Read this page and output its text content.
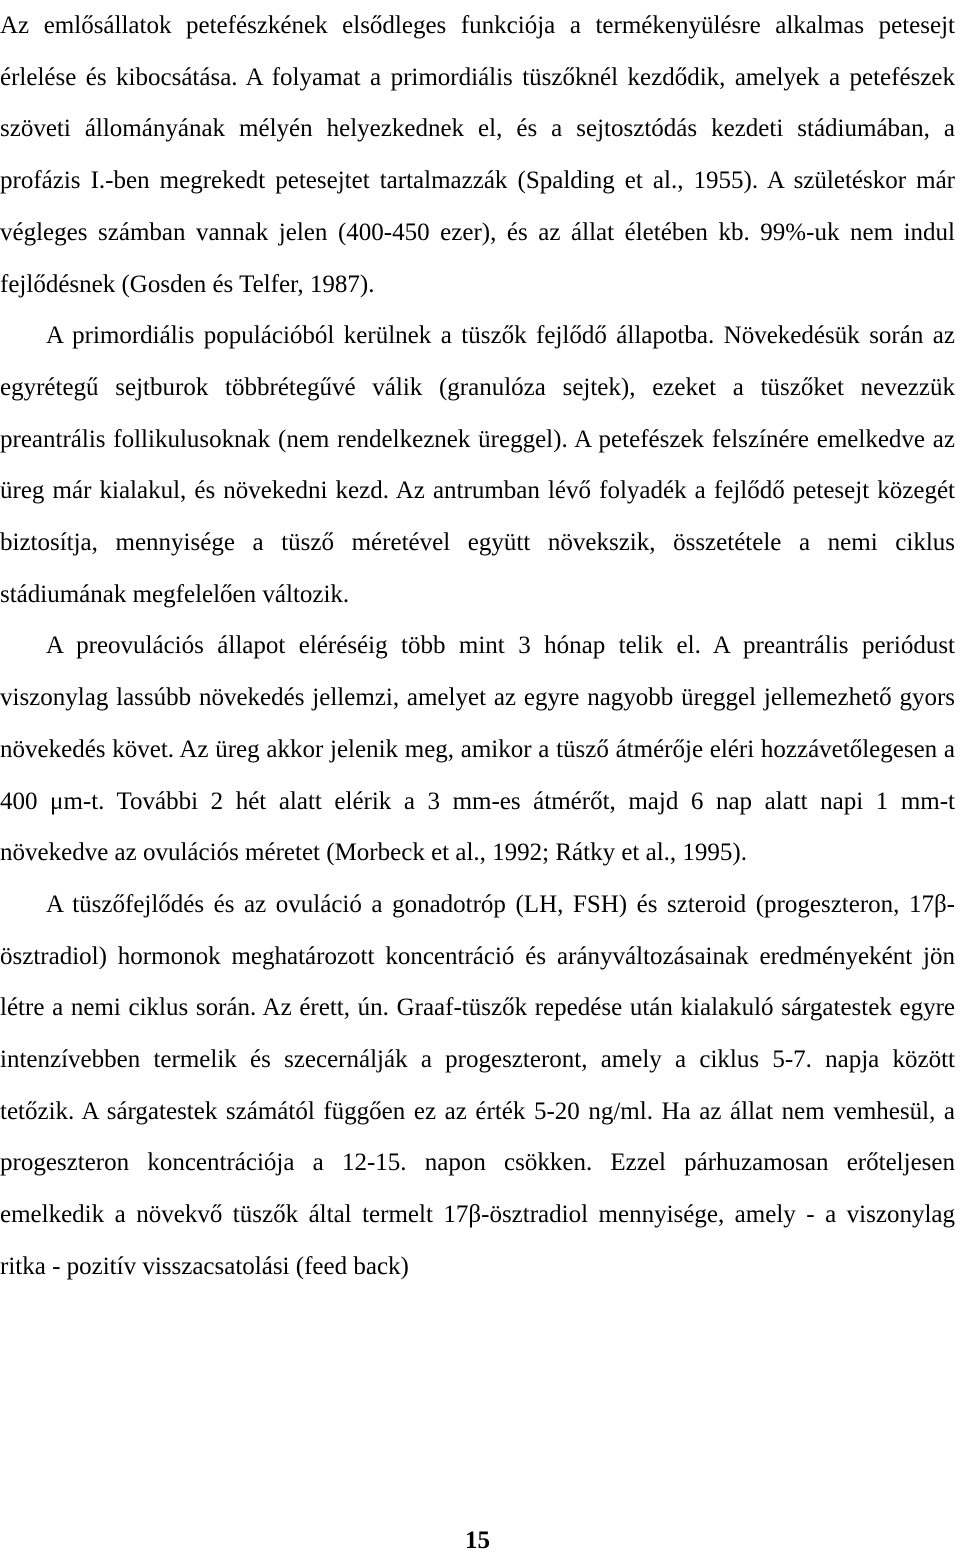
Az emlősállatok petefészkének elsődleges funkciója a termékenyülésre alkalmas petesejt érlelése és kibocsátása. A folyamat a primordiális tüszőknél kezdődik, amelyek a petefészek szöveti állományának mélyén helyezkednek el, és a sejtosztódás kezdeti stádiumában, a profázis I.-ben megrekedt petesejtet tartalmazzák (Spalding et al., 1955). A születéskor már végleges számban vannak jelen (400-450 ezer), és az állat életében kb. 99%-uk nem indul fejlődésnek (Gosden és Telfer, 1987).

A primordiális populációból kerülnek a tüszők fejlődő állapotba. Növekedésük során az egyrétegű sejtburok többrétegűvé válik (granulóza sejtek), ezeket a tüszőket nevezzük preantrális follikulusoknak (nem rendelkeznek üreggel). A petefészek felszínére emelkedve az üreg már kialakul, és növekedni kezd. Az antrumban lévő folyadék a fejlődő petesejt közegét biztosítja, mennyisége a tüsző méretével együtt növekszik, összetétele a nemi ciklus stádiumának megfelelően változik.

A preovulációs állapot eléréséig több mint 3 hónap telik el. A preantrális periódust viszonylag lassúbb növekedés jellemzi, amelyet az egyre nagyobb üreggel jellemezhető gyors növekedés követ. Az üreg akkor jelenik meg, amikor a tüsző átmérője eléri hozzávetőlegesen a 400 μm-t. További 2 hét alatt elérik a 3 mm-es átmérőt, majd 6 nap alatt napi 1 mm-t növekedve az ovulációs méretet (Morbeck et al., 1992; Rátky et al., 1995).

A tüszőfejlődés és az ovuláció a gonadotróp (LH, FSH) és szteroid (progeszteron, 17β-ösztradiol) hormonok meghatározott koncentráció és arányváltozásainak eredményeként jön létre a nemi ciklus során. Az érett, ún. Graaf-tüszők repedése után kialakuló sárgatestek egyre intenzívebben termelik és szecernálják a progeszteront, amely a ciklus 5-7. napja között tetőzik. A sárgatestek számától függően ez az érték 5-20 ng/ml. Ha az állat nem vemhesül, a progeszteron koncentrációja a 12-15. napon csökken. Ezzel párhuzamosan erőteljesen emelkedik a növekvő tüszők által termelt 17β-ösztradiol mennyisége, amely - a viszonylag ritka - pozitív visszacsatolási (feed back)

15
